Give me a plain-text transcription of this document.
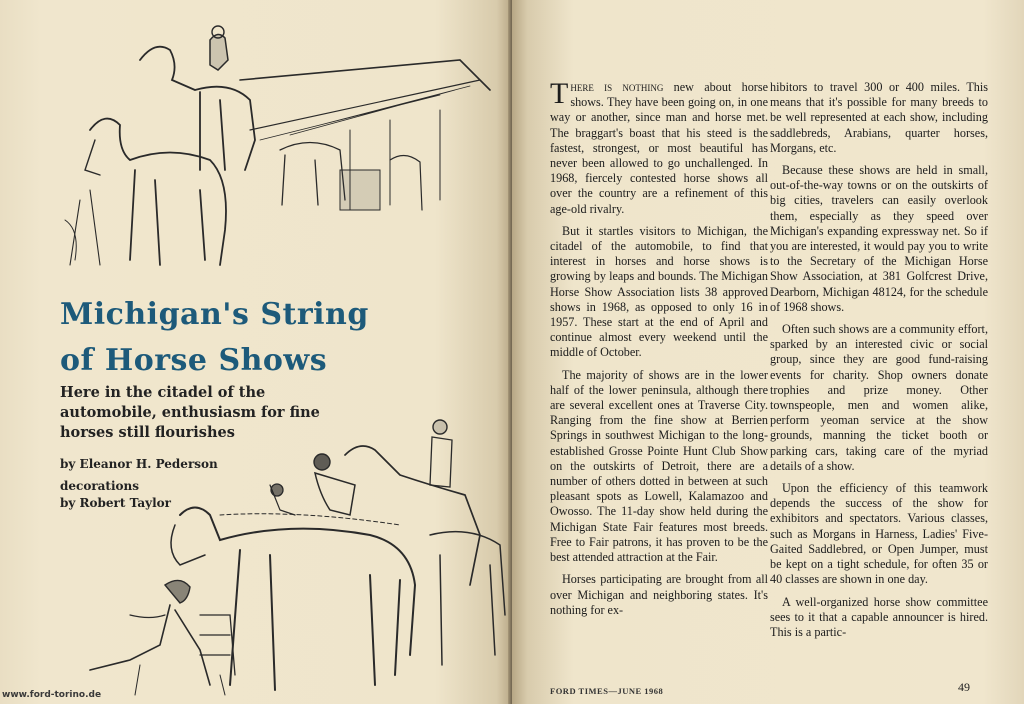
Michigan's String
of Horse Shows
Here in the citadel of the automobile, enthusiasm for fine horses still flourishes
by Eleanor H. Pederson
decorations
by Robert Taylor
www.ford-torino.de

There is nothing new about horse shows. They have been going on, in one way or another, since man and horse met. The braggart's boast that his steed is the fastest, strongest, or most beautiful has never been allowed to go unchallenged. In 1968, fiercely contested horse shows all over the country are a refinement of this age-old rivalry.

But it startles visitors to Michigan, the citadel of the automobile, to find that interest in horses and horse shows is growing by leaps and bounds. The Michigan Horse Show Association lists 38 approved shows in 1968, as opposed to only 16 in 1957. These start at the end of April and continue almost every weekend until the middle of October.

The majority of shows are in the lower half of the lower peninsula, although there are several excellent ones at Traverse City. Ranging from the fine show at Berrien Springs in southwest Michigan to the long-established Grosse Pointe Hunt Club Show on the outskirts of Detroit, there are a number of others dotted in between at such pleasant spots as Lowell, Kalamazoo and Owosso. The 11-day show held during the Michigan State Fair features most breeds. Free to Fair patrons, it has proven to be the best attended attraction at the Fair.

Horses participating are brought from all over Michigan and neighboring states. It's nothing for ex-

hibitors to travel 300 or 400 miles. This means that it's possible for many breeds to be well represented at each show, including saddlebreds, Arabians, quarter horses, Morgans, etc.

Because these shows are held in small, out-of-the-way towns or on the outskirts of big cities, travelers can easily overlook them, especially as they speed over Michigan's expanding expressway net. So if you are interested, it would pay you to write to the Secretary of the Michigan Horse Show Association, at 381 Golfcrest Drive, Dearborn, Michigan 48124, for the schedule of 1968 shows.

Often such shows are a community effort, sparked by an interested civic or social group, since they are good fund-raising events for charity. Shop owners donate trophies and prize money. Other townspeople, men and women alike, perform yeoman service at the show grounds, manning the ticket booth or parking cars, taking care of the myriad details of a show.

Upon the efficiency of this teamwork depends the success of the show for exhibitors and spectators. Various classes, such as Morgans in Harness, Ladies' Five-Gaited Saddlebred, or Open Jumper, must be kept on a tight schedule, for often 35 or 40 classes are shown in one day.

A well-organized horse show committee sees to it that a capable announcer is hired. This is a partic-

FORD TIMES—JUNE 1968	49
